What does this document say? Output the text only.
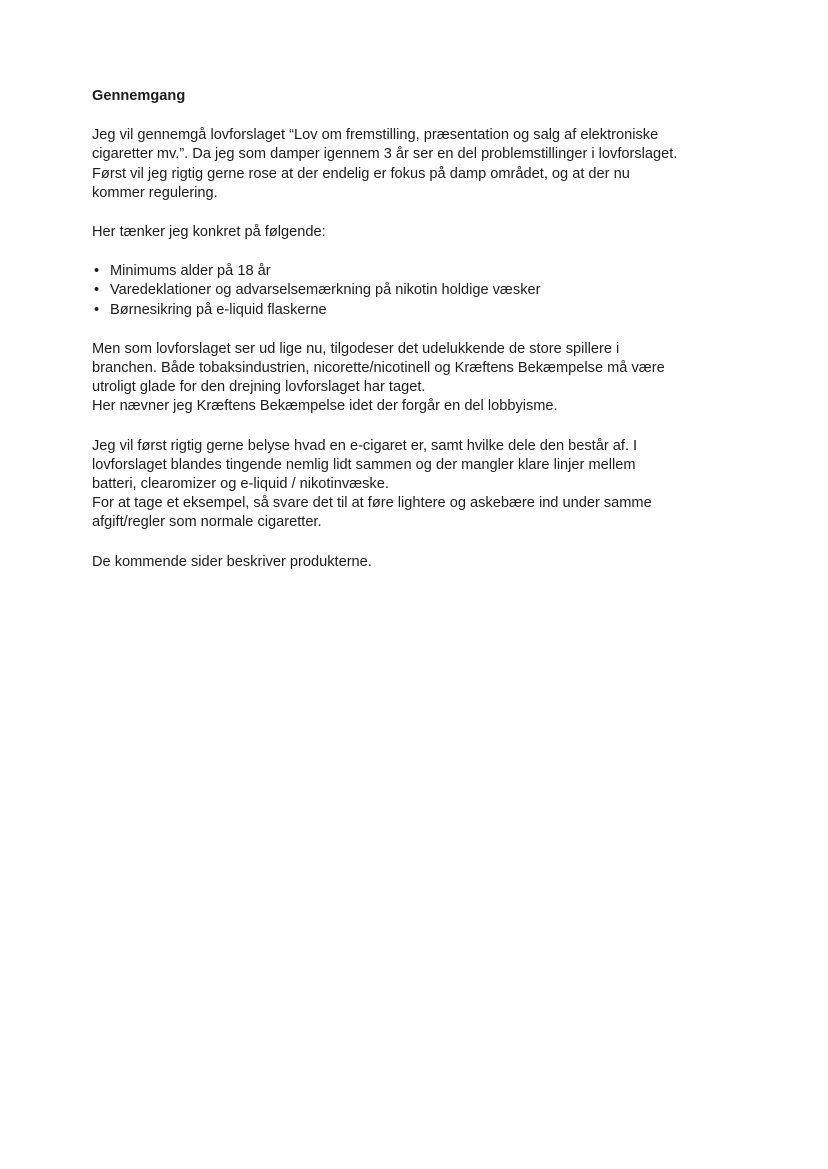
Gennemgang
Jeg vil gennemgå lovforslaget “Lov om fremstilling, præsentation og salg af elektroniske
cigaretter mv.”. Da jeg som damper igennem 3 år ser en del problemstillinger i lovforslaget.
Først vil jeg rigtig gerne rose at der endelig er fokus på damp området, og at der nu
kommer regulering.
Her tænker jeg konkret på følgende:
• Minimums alder på 18 år
• Varedeklationer og advarselsemærkning på nikotin holdige væsker
• Børnesikring på e-liquid flaskerne
Men som lovforslaget ser ud lige nu, tilgodeser det udelukkende de store spillere i
branchen. Både tobaksindustrien, nicorette/nicotinell og Kræftens Bekæmpelse må være
utroligt glade for den drejning lovforslaget har taget.
Her nævner jeg Kræftens Bekæmpelse idet der forgår en del lobbyisme.
Jeg vil først rigtig gerne belyse hvad en e-cigaret er, samt hvilke dele den består af. I
lovforslaget blandes tingende nemlig lidt sammen og der mangler klare linjer mellem
batteri, clearomizer og e-liquid / nikotinvæske.
For at tage et eksempel, så svare det til at føre lightere og askebære ind under samme
afgift/regler som normale cigaretter.
De kommende sider beskriver produkterne.
